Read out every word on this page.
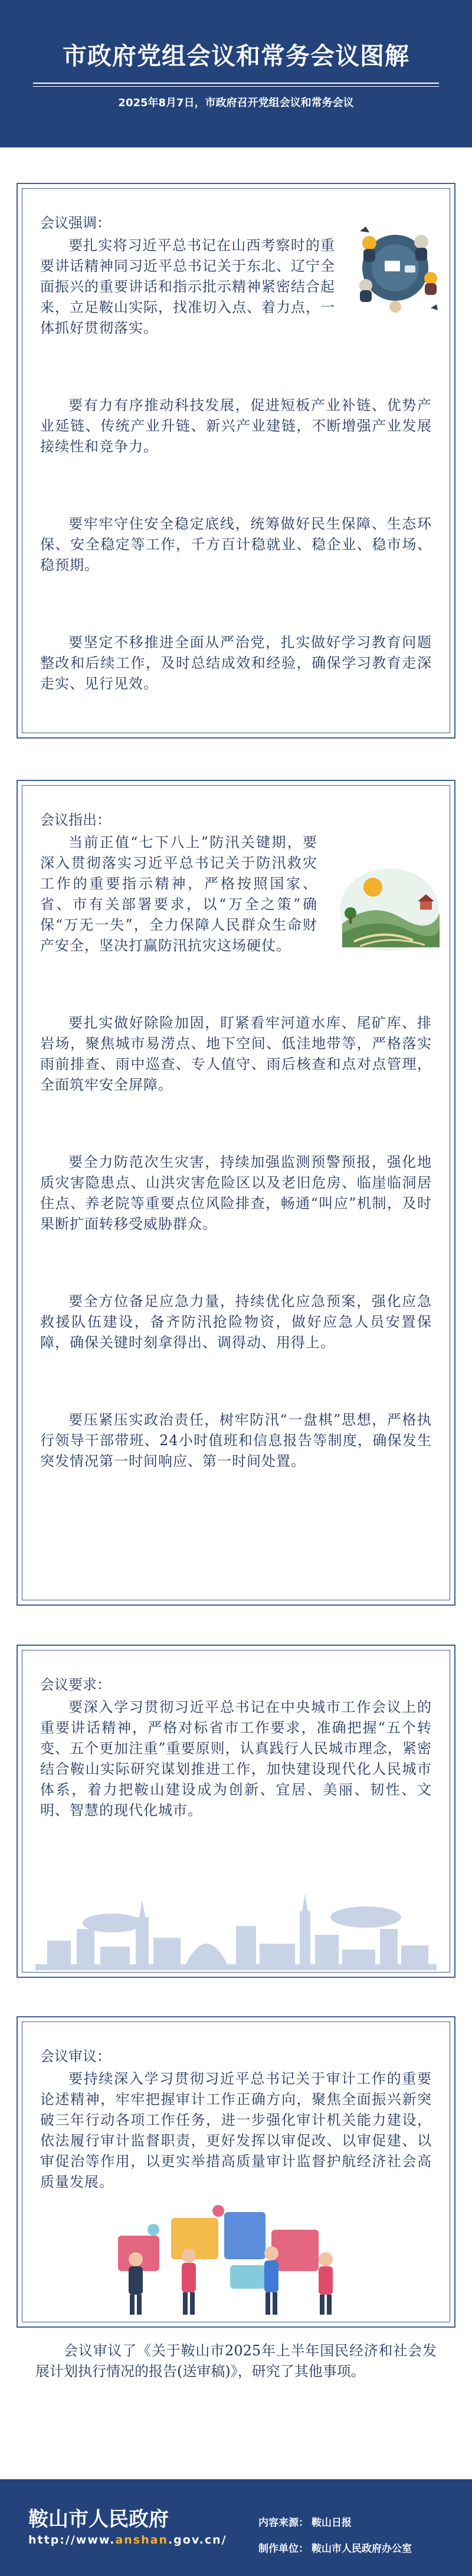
市政府党组会议和常务会议图解
2025年8月7日，市政府召开党组会议和常务会议
会议强调：
要扎实将习近平总书记在山西考察时的重要讲话精神同习近平总书记关于东北、辽宁全面振兴的重要讲话和指示批示精神紧密结合起来，立足鞍山实际，找准切入点、着力点，一体抓好贯彻落实。
要有力有序推动科技发展，促进短板产业补链、优势产业延链、传统产业升链、新兴产业建链，不断增强产业发展接续性和竞争力。
要牢牢守住安全稳定底线，统筹做好民生保障、生态环保、安全稳定等工作，千方百计稳就业、稳企业、稳市场、稳预期。
要坚定不移推进全面从严治党，扎实做好学习教育问题整改和后续工作，及时总结成效和经验，确保学习教育走深走实、见行见效。
会议指出：
当前正值“七下八上”防汛关键期，要深入贯彻落实习近平总书记关于防汛救灾工作的重要指示精神，严格按照国家、省、市有关部署要求，以“万全之策”确保“万无一失”，全力保障人民群众生命财产安全，坚决打赢防汛抗灾这场硬仗。
要扎实做好除险加固，盯紧看牢河道水库、尾矿库、排岩场，聚焦城市易涝点、地下空间、低洼地带等，严格落实雨前排查、雨中巡查、专人值守、雨后核查和点对点管理，全面筑牢安全屏障。
要全力防范次生灾害，持续加强监测预警预报，强化地质灾害隐患点、山洪灾害危险区以及老旧危房、临崖临洞居住点、养老院等重要点位风险排查，畅通“叫应”机制，及时果断扩面转移受威胁群众。
要全方位备足应急力量，持续优化应急预案，强化应急救援队伍建设，备齐防汛抢险物资，做好应急人员安置保障，确保关键时刻拿得出、调得动、用得上。
要压紧压实政治责任，树牢防汛“一盘棋”思想，严格执行领导干部带班、24小时值班和信息报告等制度，确保发生突发情况第一时间响应、第一时间处置。
会议要求：
要深入学习贯彻习近平总书记在中央城市工作会议上的重要讲话精神，严格对标省市工作要求，准确把握“五个转变、五个更加注重”重要原则，认真践行人民城市理念，紧密结合鞍山实际研究谋划推进工作，加快建设现代化人民城市体系，着力把鞍山建设成为创新、宜居、美丽、韧性、文明、智慧的现代化城市。
会议审议：
要持续深入学习贯彻习近平总书记关于审计工作的重要论述精神，牢牢把握审计工作正确方向，聚焦全面振兴新突破三年行动各项工作任务，进一步强化审计机关能力建设，依法履行审计监督职责，更好发挥以审促改、以审促建、以审促治等作用，以更实举措高质量审计监督护航经济社会高质量发展。
会议审议了《关于鞍山市2025年上半年国民经济和社会发展计划执行情况的报告(送审稿)》，研究了其他事项。
鞍山市人民政府
http://www.anshan.gov.cn/
内容来源： 鞍山日报
制作单位： 鞍山市人民政府办公室
